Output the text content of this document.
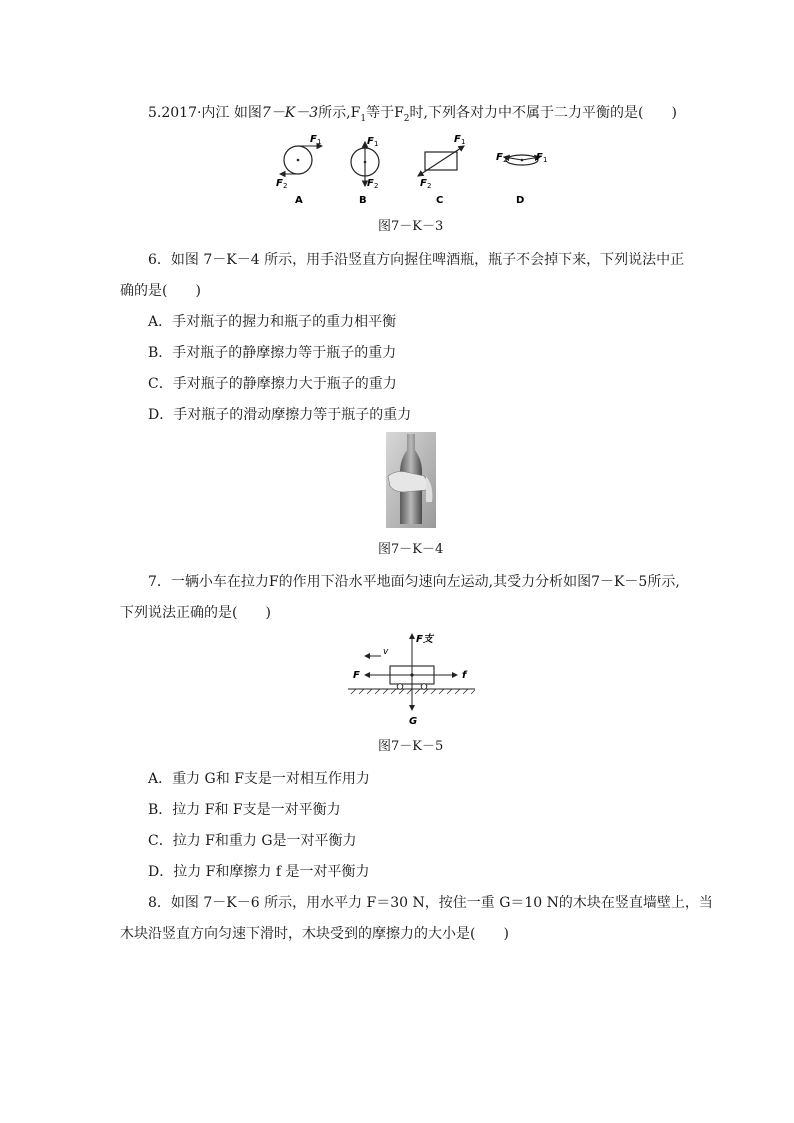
5.2017·内江 如图7－K－3所示$,F_1$等于$F_2$时,下列各对力中不属于二力平衡的是(　　)
F 1
F 2
A
F 1
F 2
B
F 1
F 2
C
F 1
F 2
D
图7－K－3
6．如图 7－K－4 所示，用手沿竖直方向握住啤酒瓶，瓶子不会掉下来，下列说法中正
确的是(　　)
A．手对瓶子的握力和瓶子的重力相平衡
B．手对瓶子的静摩擦力等于瓶子的重力
C．手对瓶子的静摩擦力大于瓶子的重力
D．手对瓶子的滑动摩擦力等于瓶子的重力
图7－K－4
7．一辆小车在拉力F的作用下沿水平地面匀速向左运动,其受力分析如图7－K－5所示,
下列说法正确的是(　　)
F支
G
F	f
v
图7－K－5
A．重力 G和 F支是一对相互作用力
B．拉力 F和 F支是一对平衡力
C．拉力 F和重力 G是一对平衡力
D．拉力 F和摩擦力 f 是一对平衡力
8．如图 7－K－6 所示，用水平力 F＝30 N，按住一重 G＝10 N的木块在竖直墙壁上，当
木块沿竖直方向匀速下滑时，木块受到的摩擦力的大小是(　　)
